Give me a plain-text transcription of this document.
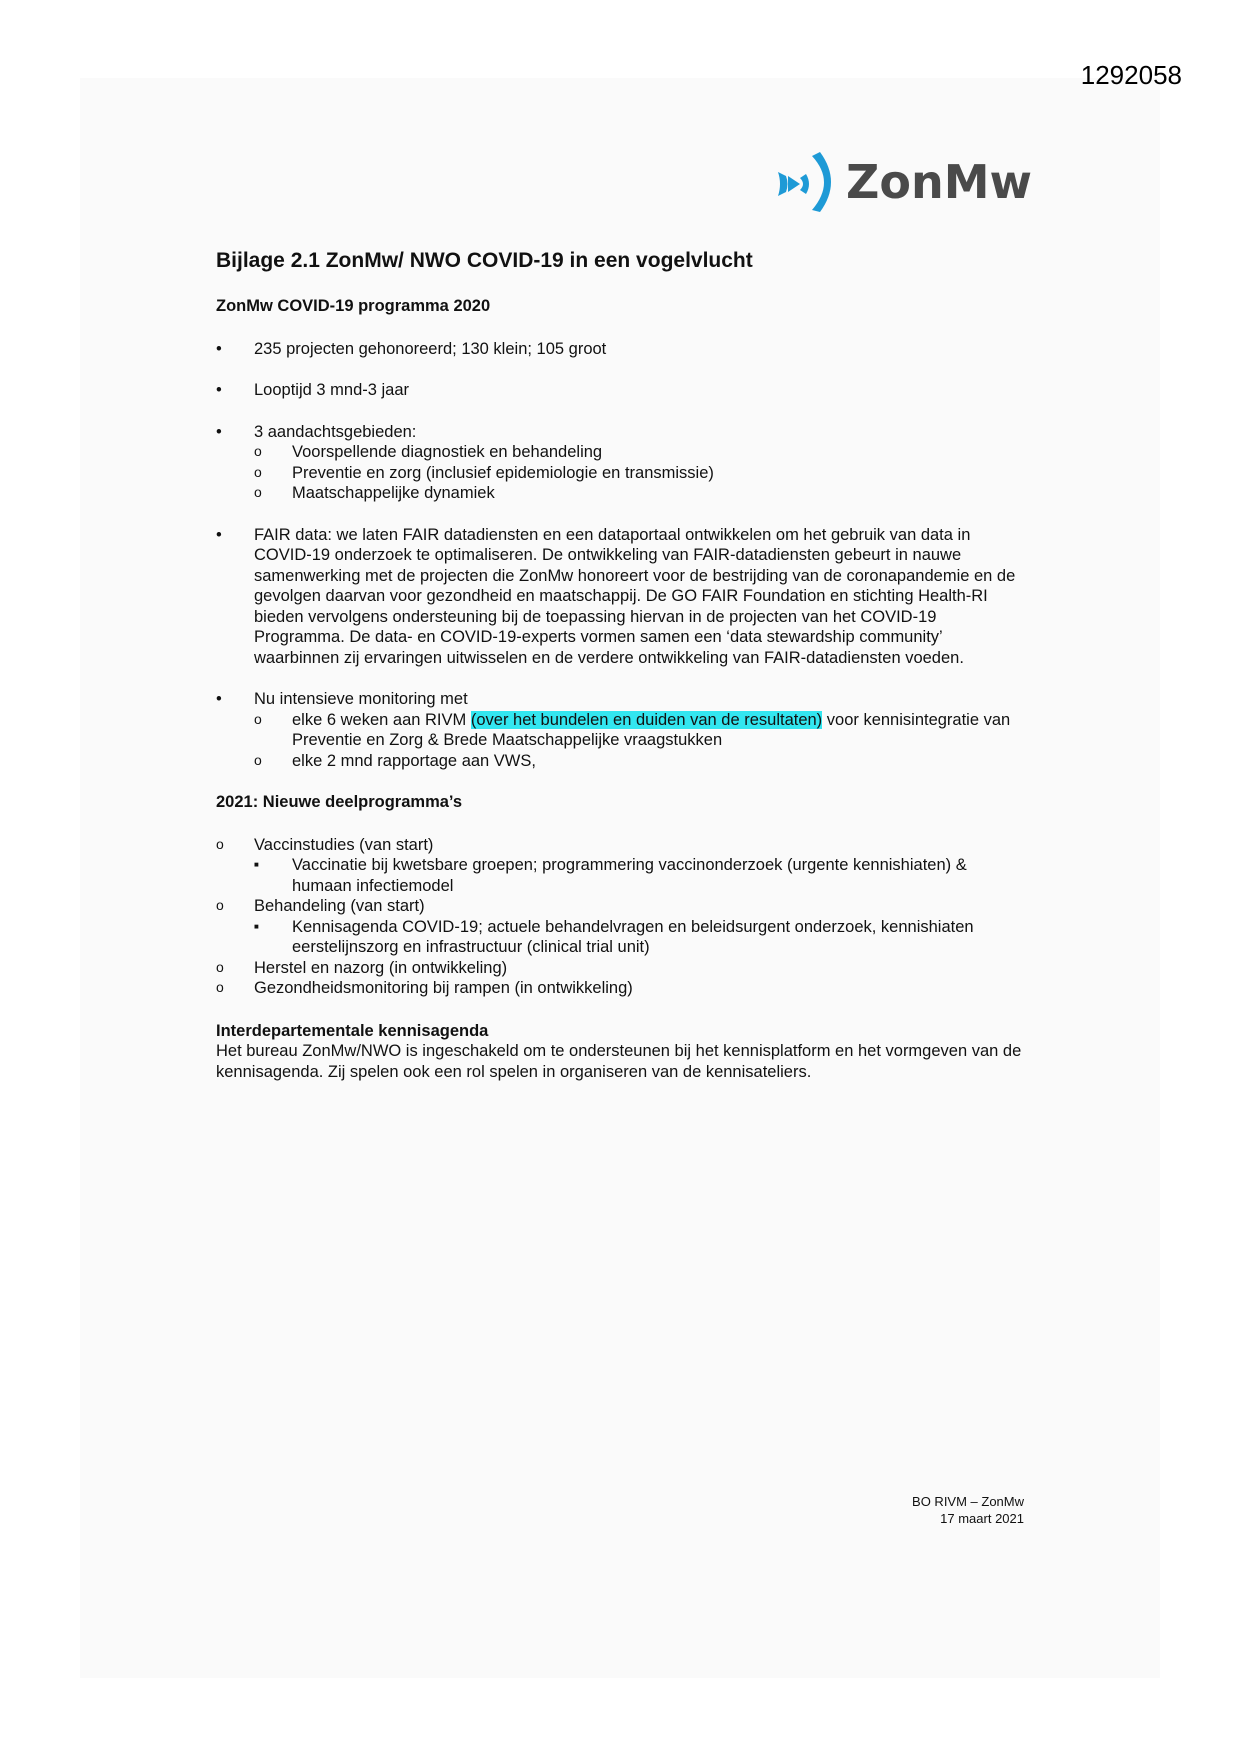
1292058
ZonMw
Bijlage 2.1 ZonMw/ NWO COVID-19 in een vogelvlucht
ZonMw COVID-19 programma 2020
• 235 projecten gehonoreerd; 130 klein; 105 groot
• Looptijd 3 mnd-3 jaar
• 3 aandachtsgebieden:
o Voorspellende diagnostiek en behandeling
o Preventie en zorg (inclusief epidemiologie en transmissie)
o Maatschappelijke dynamiek
• FAIR data: we laten FAIR datadiensten en een dataportaal ontwikkelen om het gebruik van data in COVID-19 onderzoek te optimaliseren. De ontwikkeling van FAIR-datadiensten gebeurt in nauwe samenwerking met de projecten die ZonMw honoreert voor de bestrijding van de coronapandemie en de gevolgen daarvan voor gezondheid en maatschappij. De GO FAIR Foundation en stichting Health-RI bieden vervolgens ondersteuning bij de toepassing hiervan in de projecten van het COVID-19 Programma. De data- en COVID-19-experts vormen samen een ‘data stewardship community’ waarbinnen zij ervaringen uitwisselen en de verdere ontwikkeling van FAIR-datadiensten voeden.
• Nu intensieve monitoring met
o elke 6 weken aan RIVM (over het bundelen en duiden van de resultaten) voor kennisintegratie van Preventie en Zorg & Brede Maatschappelijke vraagstukken
o elke 2 mnd rapportage aan VWS,
2021: Nieuwe deelprogramma’s
o Vaccinstudies (van start)
■ Vaccinatie bij kwetsbare groepen; programmering vaccinonderzoek (urgente kennishiaten) & humaan infectiemodel
o Behandeling (van start)
■ Kennisagenda COVID-19; actuele behandelvragen en beleidsurgent onderzoek, kennishiaten eerstelijnszorg en infrastructuur (clinical trial unit)
o Herstel en nazorg (in ontwikkeling)
o Gezondheidsmonitoring bij rampen (in ontwikkeling)
Interdepartementale kennisagenda

Het bureau ZonMw/NWO is ingeschakeld om te ondersteunen bij het kennisplatform en het vormgeven van de kennisagenda. Zij spelen ook een rol spelen in organiseren van de kennisateliers.

BO RIVM – ZonMw
17 maart 2021
